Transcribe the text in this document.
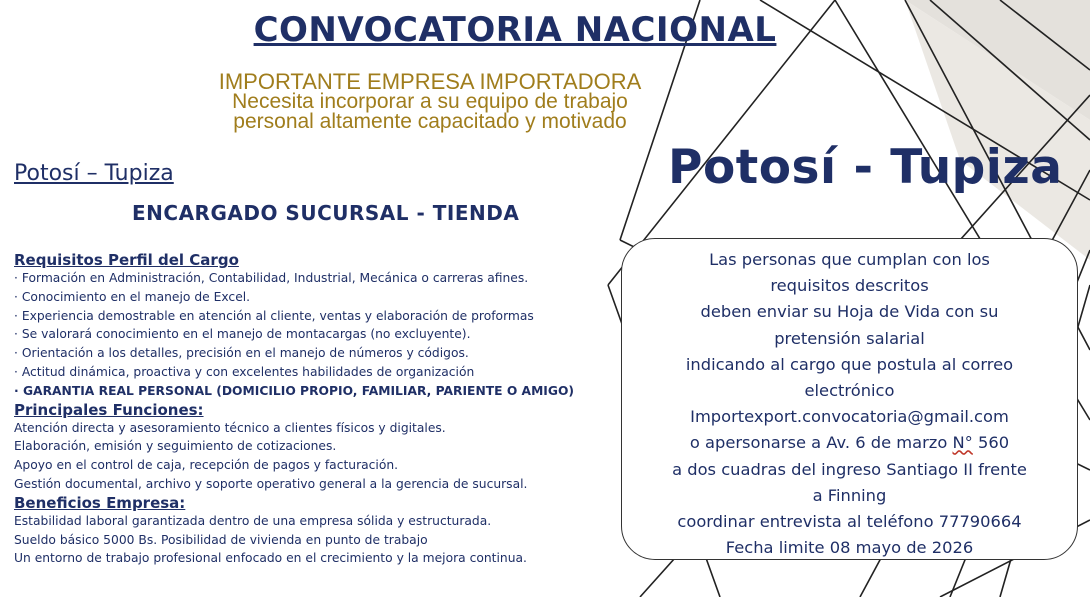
CONVOCATORIA NACIONAL
IMPORTANTE EMPRESA IMPORTADORA
Necesita incorporar a su equipo de trabajo
personal altamente capacitado y motivado
Potosí – Tupiza
ENCARGADO SUCURSAL - TIENDA
Potosí - Tupiza
Requisitos Perfil del Cargo
· Formación en Administración, Contabilidad, Industrial, Mecánica o carreras afines.
· Conocimiento en el manejo de Excel.
· Experiencia demostrable en atención al cliente, ventas y elaboración de proformas
· Se valorará conocimiento en el manejo de montacargas (no excluyente).
· Orientación a los detalles, precisión en el manejo de números y códigos.
· Actitud dinámica, proactiva y con excelentes habilidades de organización
· GARANTIA REAL PERSONAL (DOMICILIO PROPIO, FAMILIAR, PARIENTE O AMIGO)
Principales Funciones:
Atención directa y asesoramiento técnico a clientes físicos y digitales.
Elaboración, emisión y seguimiento de cotizaciones.
Apoyo en el control de caja, recepción de pagos y facturación.
Gestión documental, archivo y soporte operativo general a la gerencia de sucursal.
Beneficios Empresa:
Estabilidad laboral garantizada dentro de una empresa sólida y estructurada.
Sueldo básico 5000 Bs. Posibilidad de vivienda en punto de trabajo
Un entorno de trabajo profesional enfocado en el crecimiento y la mejora continua.
Las personas que cumplan con los
requisitos descritos
deben enviar su Hoja de Vida con su
pretensión salarial
indicando al cargo que postula al correo
electrónico
Importexport.convocatoria@gmail.com
o apersonarse a Av. 6 de marzo N° 560
a dos cuadras del ingreso Santiago II frente
a Finning
coordinar entrevista al teléfono 77790664
Fecha limite 08 mayo de 2026
